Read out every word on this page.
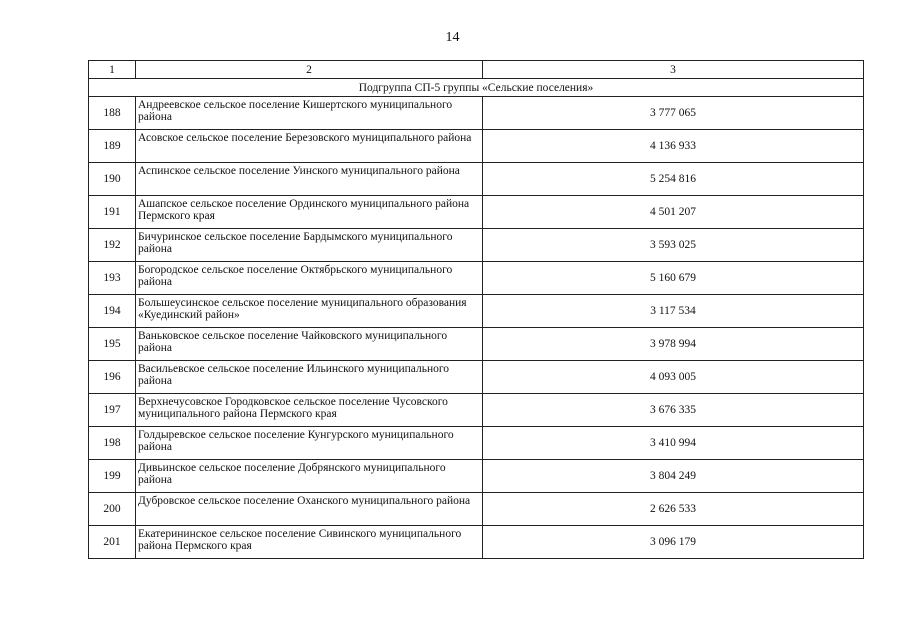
14
1	2	3
Подгруппа СП-5 группы «Сельские поселения»		
188	Андреевское сельское поселение Кишертского муниципального района	3 777 065
189	Асовское сельское поселение Березовского муниципального района	4 136 933
190	Аспинское сельское поселение Уинского муниципального района	5 254 816
191	Ашапское сельское поселение Ординского муниципального района Пермского края	4 501 207
192	Бичуринское сельское поселение Бардымского муниципального района	3 593 025
193	Богородское сельское поселение Октябрьского муниципального района	5 160 679
194	Большеусинское сельское поселение муниципального образования «Куединский район»	3 117 534
195	Ваньковское сельское поселение Чайковского муниципального района	3 978 994
196	Васильевское сельское поселение Ильинского муниципального района	4 093 005
197	Верхнечусовское Городковское сельское поселение Чусовского муниципального района Пермского края	3 676 335
198	Голдыревское сельское поселение Кунгурского муниципального района	3 410 994
199	Дивьинское сельское поселение Добрянского муниципального района	3 804 249
200	Дубровское сельское поселение Оханского муниципального района	2 626 533
201	Екатерининское сельское поселение Сивинского муниципального района Пермского края	3 096 179
